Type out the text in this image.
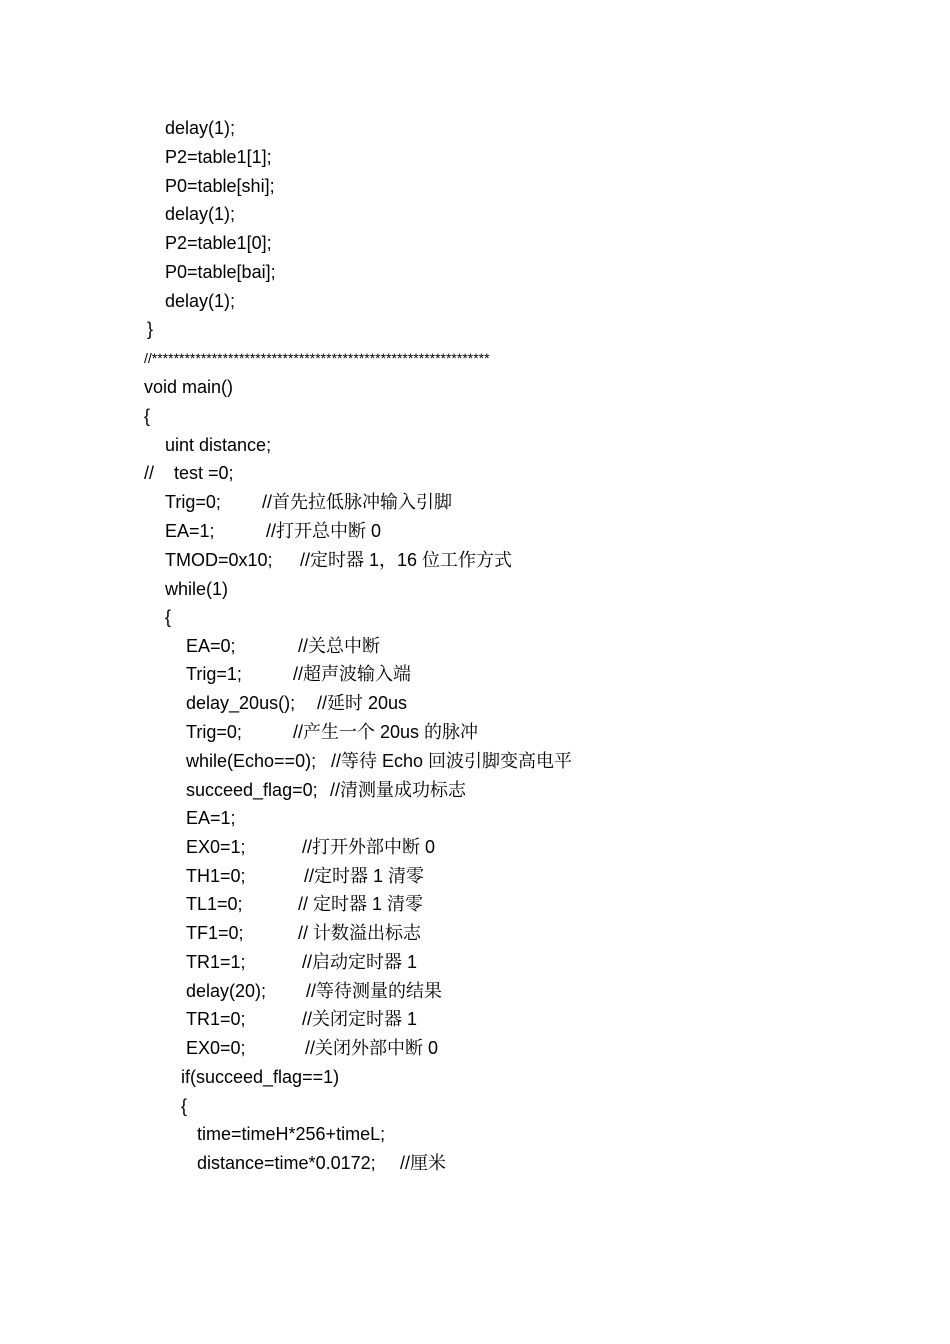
delay(1);
P2=table1[1];
P0=table[shi];
delay(1);
P2=table1[0];
P0=table[bai];
delay(1);
}
//**************************************************************
void main()
{
uint distance;
//    test =0;
Trig=0; //首先拉低脉冲输入引脚
EA=1;	//打开总中断 0
TMOD=0x10; //定时器 1，16 位工作方式
while(1)
{
EA=0;	//关总中断
Trig=1;	//超声波输入端
delay_20us(); //延时 20us
Trig=0;	//产生一个 20us 的脉冲
while(Echo==0); //等待 Echo 回波引脚变高电平
succeed_flag=0; //清测量成功标志
EA=1;
EX0=1;	//打开外部中断 0
TH1=0;	//定时器 1 清零
TL1=0;	// 定时器 1 清零
TF1=0;	// 计数溢出标志
TR1=1;	//启动定时器 1
delay(20); //等待测量的结果
TR1=0;	//关闭定时器 1
EX0=0;	//关闭外部中断 0
if(succeed_flag==1)
{
time=timeH*256+timeL;
distance=time*0.0172; //厘米
